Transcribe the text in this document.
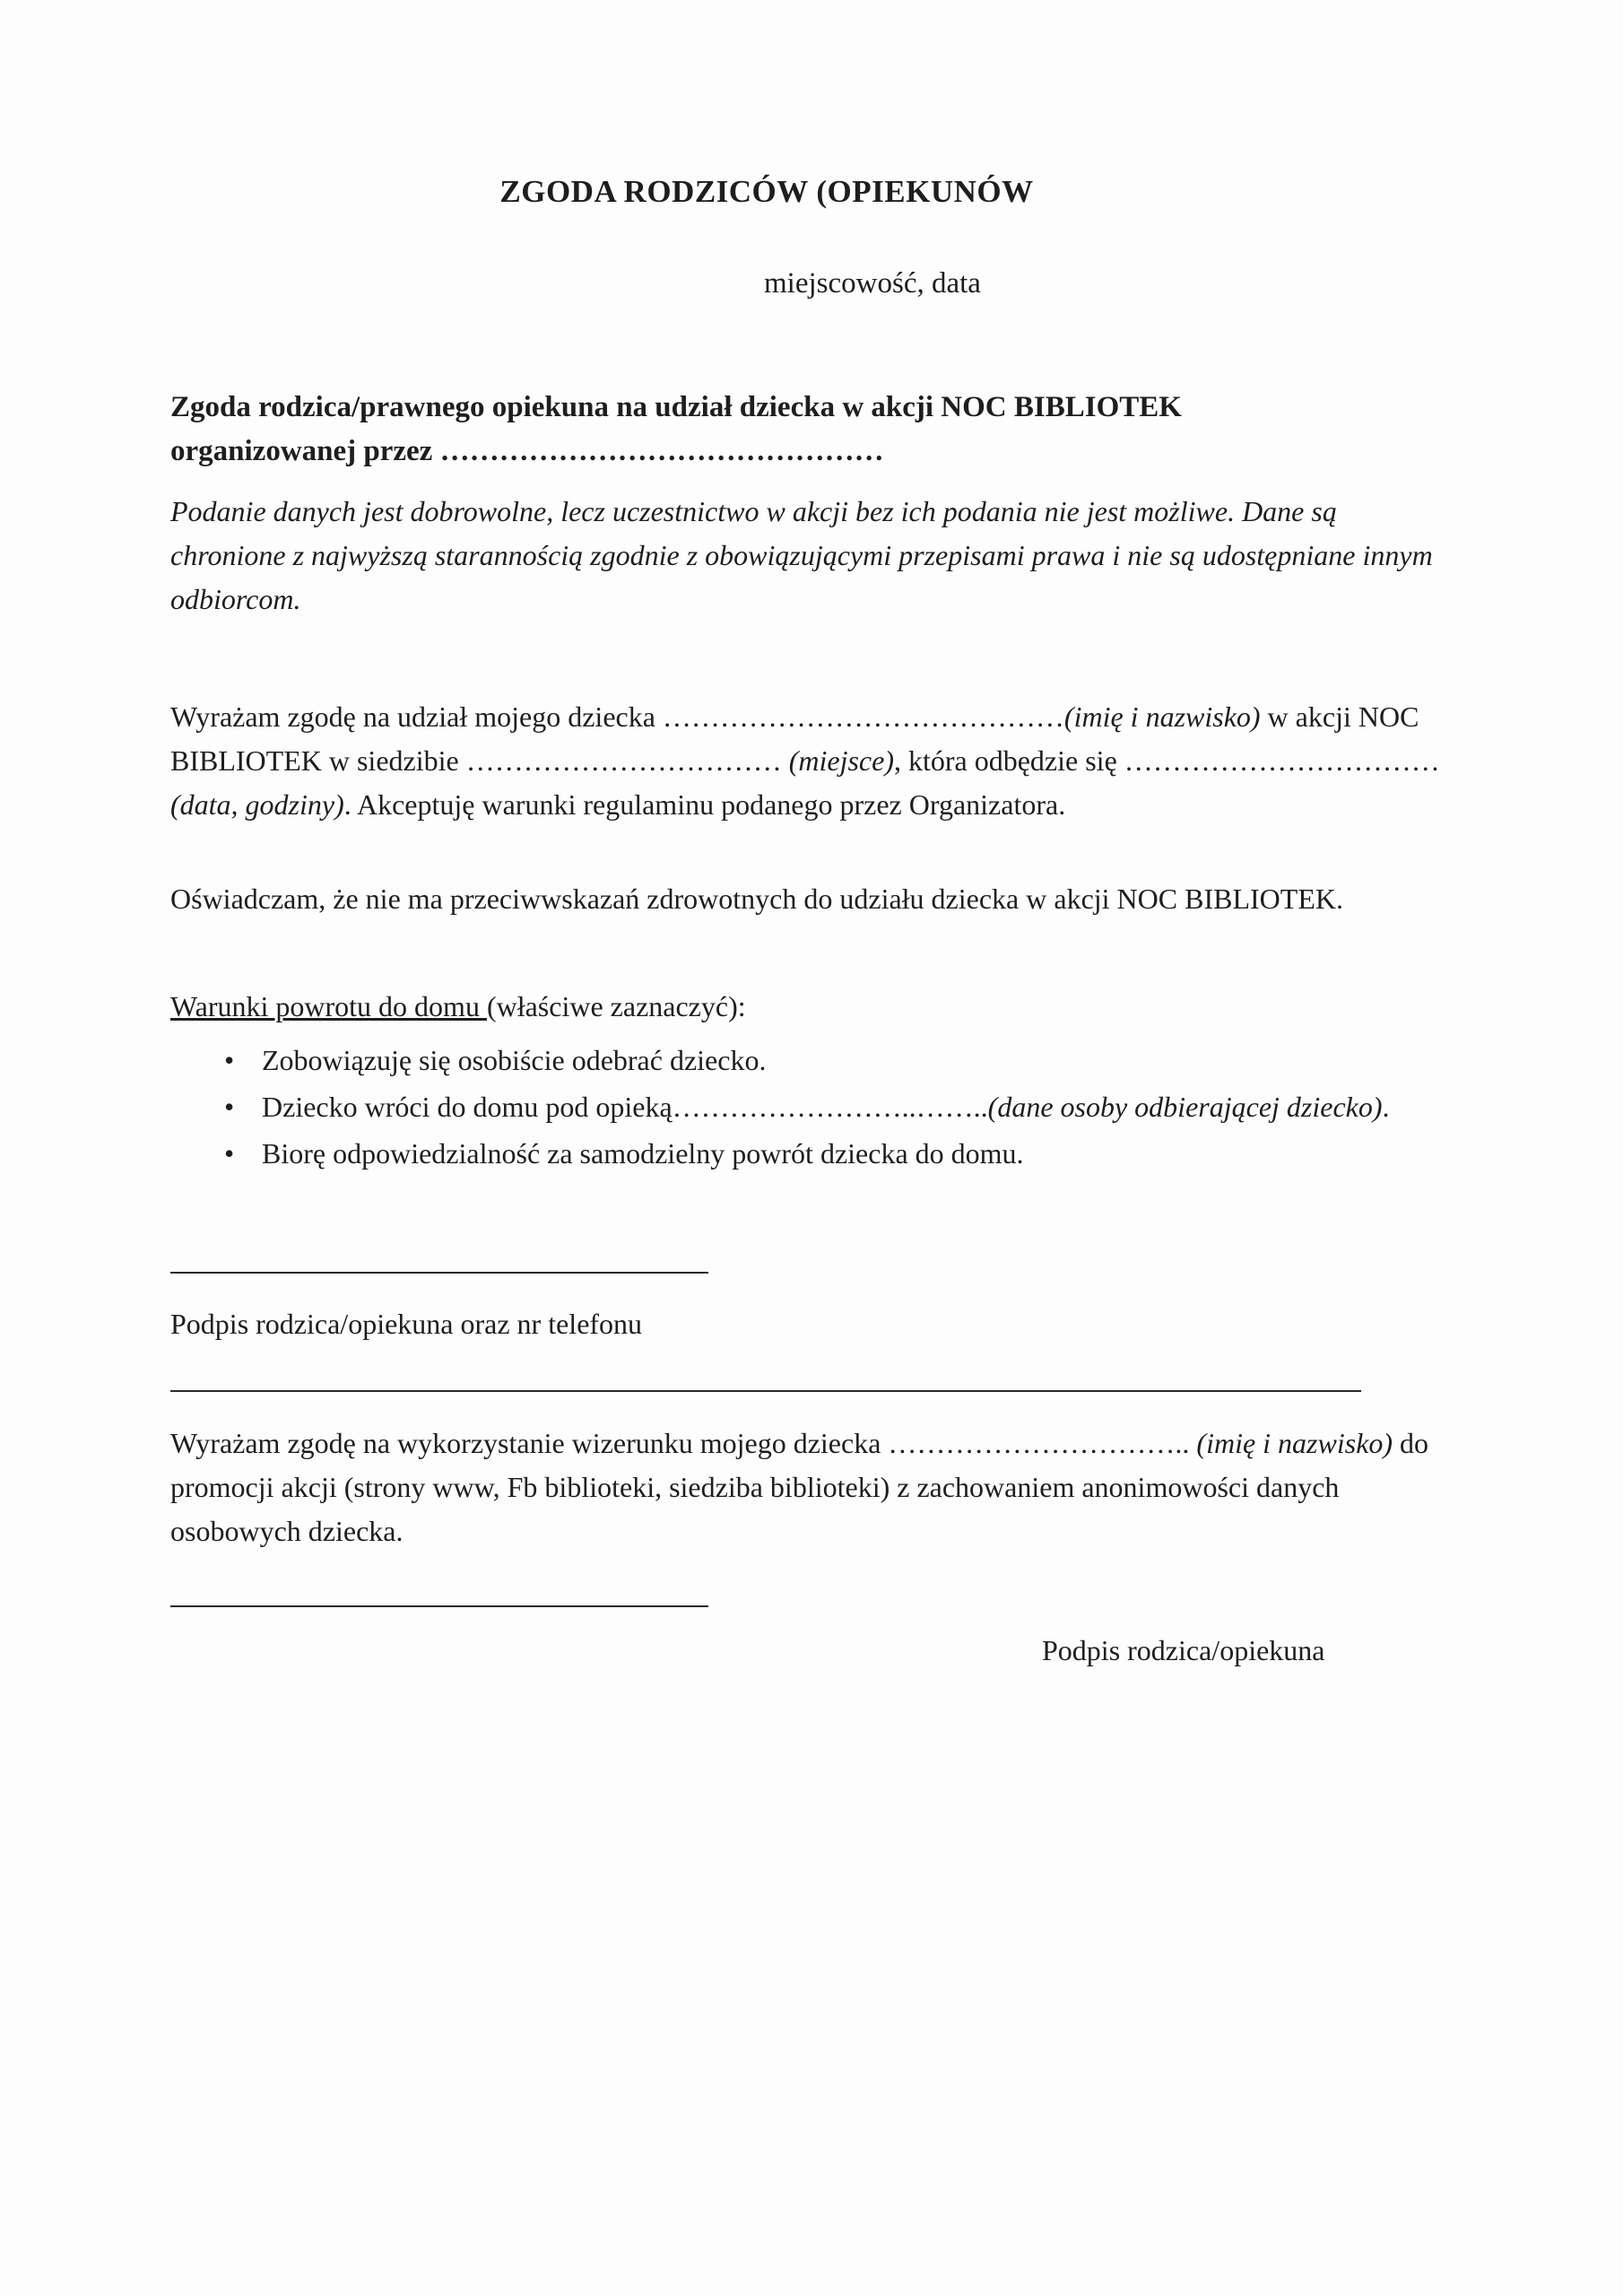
ZGODA RODZICÓW (OPIEKUNÓW

miejscowość, data

Zgoda rodzica/prawnego opiekuna na udział dziecka w akcji NOC BIBLIOTEK
organizowanej przez ………………………………………

Podanie danych jest dobrowolne, lecz uczestnictwo w akcji bez ich podania nie jest możliwe. Dane są chronione z najwyższą starannością zgodnie z obowiązującymi przepisami prawa i nie są udostępniane innym odbiorcom.

Wyrażam zgodę na udział mojego dziecka ……………………………………(imię i nazwisko) w akcji NOC BIBLIOTEK w siedzibie …………………………… (miejsce), która odbędzie się …………………………… (data, godziny). Akceptuję warunki regulaminu podanego przez Organizatora.

Oświadczam, że nie ma przeciwwskazań zdrowotnych do udziału dziecka w akcji NOC BIBLIOTEK.

Warunki powrotu do domu (właściwe zaznaczyć):

• Zobowiązuję się osobiście odebrać dziecko.
• Dziecko wróci do domu pod opieką……………………..……..(dane osoby odbierającej dziecko).
• Biorę odpowiedzialność za samodzielny powrót dziecka do domu.

Podpis rodzica/opiekuna oraz nr telefonu

Wyrażam zgodę na wykorzystanie wizerunku mojego dziecka ………………………….. (imię i nazwisko) do promocji akcji (strony www, Fb biblioteki, siedziba biblioteki) z zachowaniem anonimowości danych osobowych dziecka.

Podpis rodzica/opiekuna
